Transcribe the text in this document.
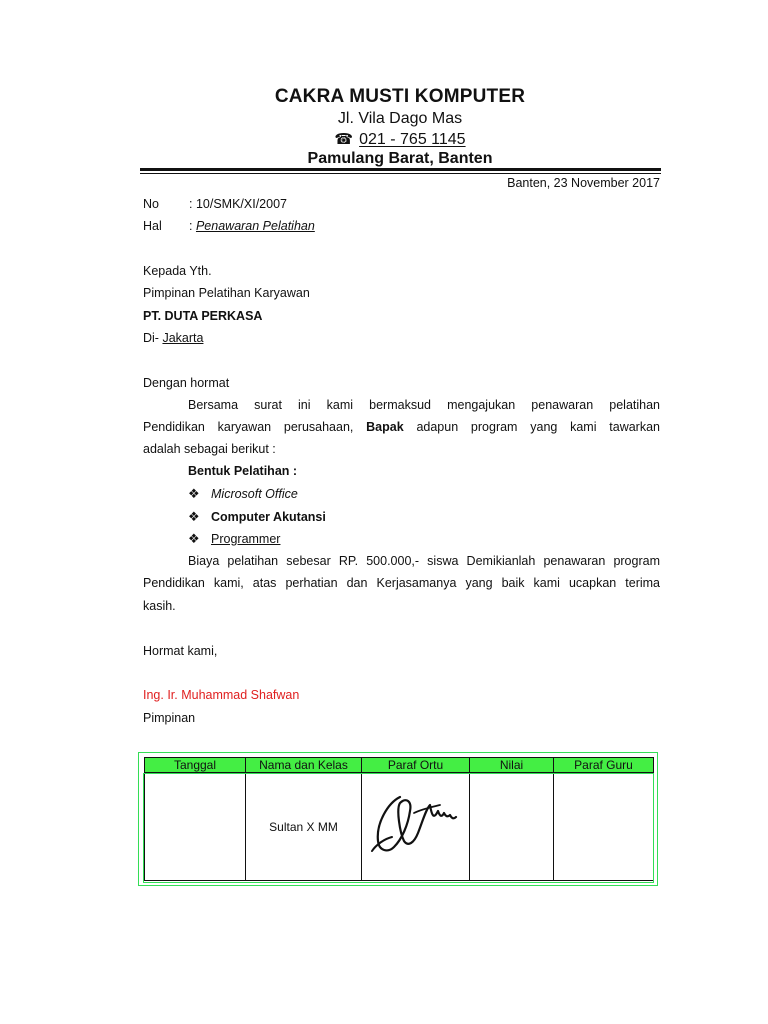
CAKRA MUSTI KOMPUTER
Jl. Vila Dago Mas
☎ 021 - 765 1145
Pamulang Barat, Banten
Banten, 23 November 2017
No : 10/SMK/XI/2007
Hal : Penawaran Pelatihan
Kepada Yth.
Pimpinan Pelatihan Karyawan
PT. DUTA PERKASA
Di- Jakarta
Dengan hormat
Bersama surat ini kami bermaksud mengajukan penawaran pelatihan
Pendidikan karyawan perusahaan, Bapak adapun program yang kami tawarkan
adalah sebagai berikut :
Bentuk Pelatihan :
❖ Microsoft Office
❖ Computer Akutansi
❖ Programmer
Biaya pelatihan sebesar RP. 500.000,- siswa Demikianlah penawaran program
Pendidikan kami, atas perhatian dan Kerjasamanya yang baik kami ucapkan terima
kasih.
Hormat kami,
Ing. Ir. Muhammad Shafwan
Pimpinan
Tanggal	Nama dan Kelas	Paraf Ortu	Nilai	Paraf Guru
	Sultan X MM			
